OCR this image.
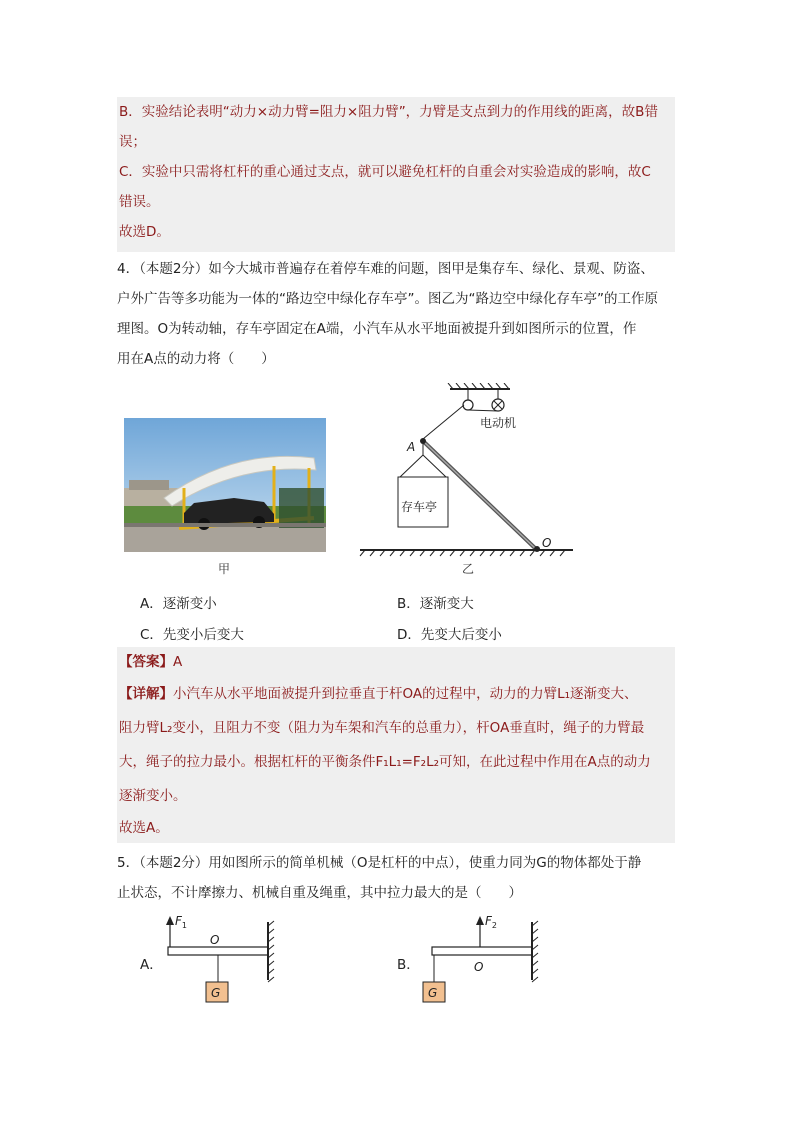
B．实验结论表明“动力×动力臂=阻力×阻力臂”，力臂是支点到力的作用线的距离，故B错
误；
C．实验中只需将杠杆的重心通过支点，就可以避免杠杆的自重会对实验造成的影响，故C
错误。
故选D。
4．（本题2分）如今大城市普遍存在着停车难的问题，图甲是集存车、绿化、景观、防盗、
户外广告等多功能为一体的“路边空中绿化存车亭”。图乙为“路边空中绿化存车亭”的工作原
理图。O为转动轴，存车亭固定在A端，小汽车从水平地面被提升到如图所示的位置，作
用在A点的动力将（　　）
甲
电动机
A
存车亭
O
乙
A．逐渐变小	B．逐渐变大
C．先变小后变大	D．先变大后变小
【答案】A
【详解】小汽车从水平地面被提升到拉垂直于杆OA的过程中，动力的力臂L₁逐渐变大、
阻力臂L₂变小，且阻力不变（阻力为车架和汽车的总重力），杆OA垂直时，绳子的力臂最
大，绳子的拉力最小。根据杠杆的平衡条件F₁L₁=F₂L₂可知，在此过程中作用在A点的动力
逐渐变小。
故选A。
5．（本题2分）用如图所示的简单机械（O是杠杆的中点），使重力同为G的物体都处于静
止状态，不计摩擦力、机械自重及绳重，其中拉力最大的是（　　）
A．
$F_1$
O
G
B．
$F_2$
O
G
